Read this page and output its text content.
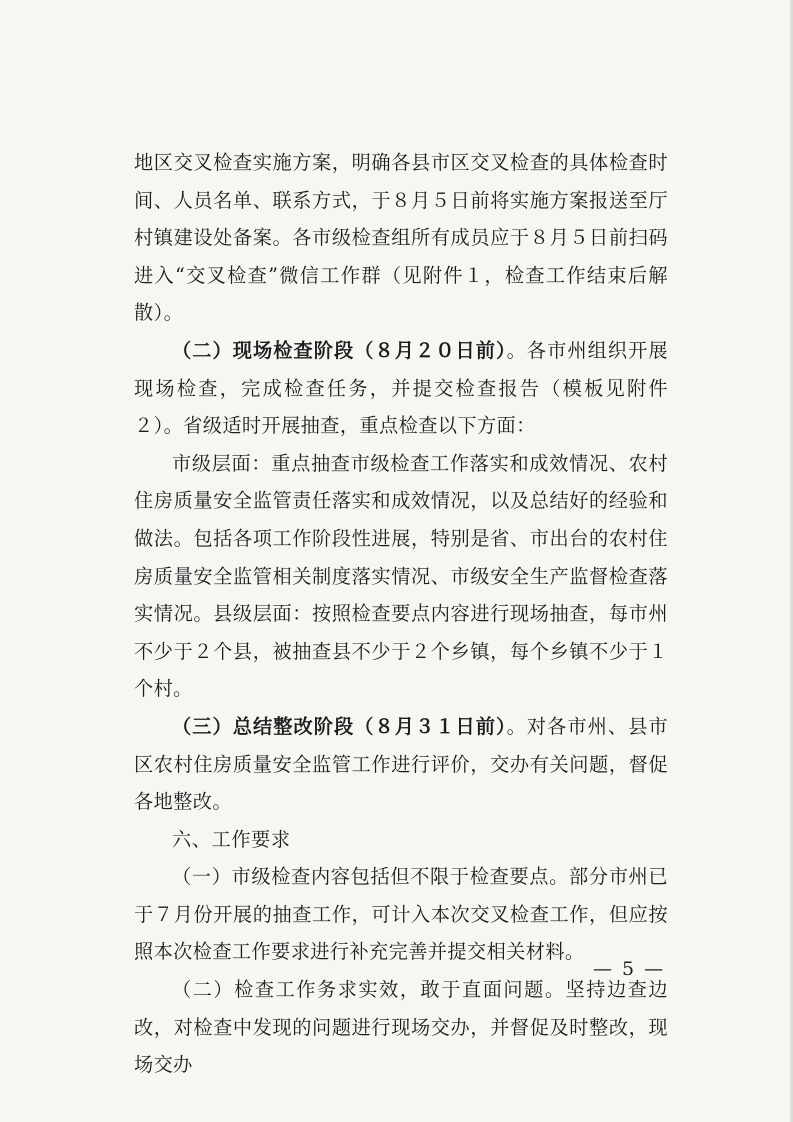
地区交叉检查实施方案，明确各县市区交叉检查的具体检查时间、人员名单、联系方式，于８月５日前将实施方案报送至厅村镇建设处备案。各市级检查组所有成员应于８月５日前扫码进入“交叉检查”微信工作群（见附件１，检查工作结束后解散）。

（二）现场检查阶段（８月２０日前）。各市州组织开展现场检查，完成检查任务，并提交检查报告（模板见附件２）。省级适时开展抽查，重点检查以下方面：

市级层面：重点抽查市级检查工作落实和成效情况、农村住房质量安全监管责任落实和成效情况，以及总结好的经验和做法。包括各项工作阶段性进展，特别是省、市出台的农村住房质量安全监管相关制度落实情况、市级安全生产监督检查落实情况。县级层面：按照检查要点内容进行现场抽查，每市州不少于２个县，被抽查县不少于２个乡镇，每个乡镇不少于１个村。

（三）总结整改阶段（８月３１日前）。对各市州、县市区农村住房质量安全监管工作进行评价，交办有关问题，督促各地整改。

六、工作要求

（一）市级检查内容包括但不限于检查要点。部分市州已于７月份开展的抽查工作，可计入本次交叉检查工作，但应按照本次检查工作要求进行补充完善并提交相关材料。

（二）检查工作务求实效，敢于直面问题。坚持边查边改，对检查中发现的问题进行现场交办，并督促及时整改，现场交办

— 5 —
